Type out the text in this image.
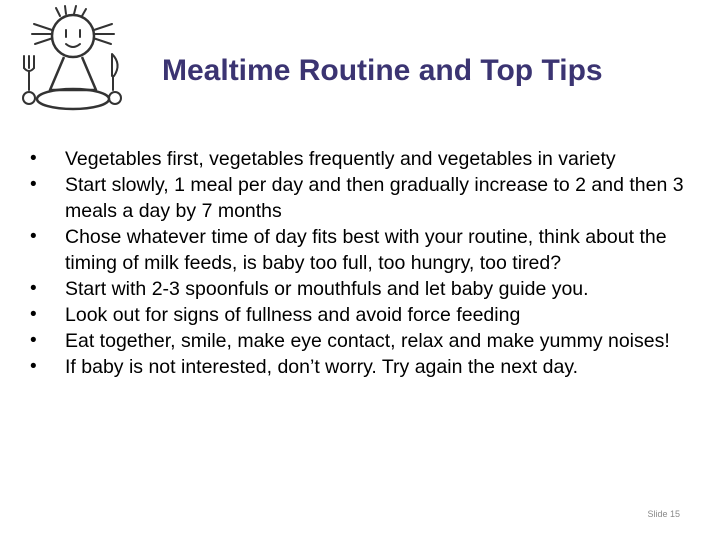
Mealtime Routine and Top Tips
•	Vegetables first, vegetables frequently and vegetables in variety
•	Start slowly, 1 meal per day and then gradually increase to 2 and then 3 meals a day by 7 months
•	Chose whatever time of day fits best with your routine, think about the timing of milk feeds, is baby too full, too hungry, too tired?
•	Start with 2-3 spoonfuls or mouthfuls and let baby guide you.
•	Look out for signs of fullness and avoid force feeding
•	Eat together, smile, make eye contact, relax and make yummy noises!
•	If baby is not interested, don’t worry. Try again the next day.
Slide 15
